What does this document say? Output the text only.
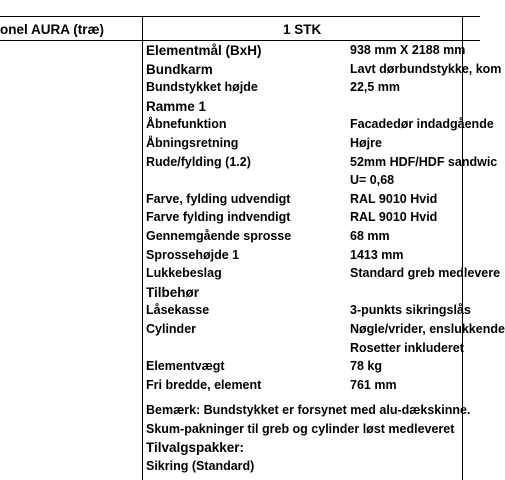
onel AURA (træ)	1 STK
Elementmål (BxH)	938 mm X 2188 mm
Bundkarm	Lavt dørbundstykke, kom
Bundstykket højde	22,5 mm
Ramme 1
Åbnefunktion	Facadedør indadgående
Åbningsretning	Højre
Rude/fylding (1.2)	52mm HDF/HDF sandwic
U= 0,68
Farve, fylding udvendigt	RAL 9010 Hvid
Farve fylding indvendigt	RAL 9010 Hvid
Gennemgående sprosse	68 mm
Sprossehøjde 1	1413 mm
Lukkebeslag	Standard greb medlevere
Tilbehør
Låsekasse	3-punkts sikringslås
Cylinder	Nøgle/vrider, enslukkende
Rosetter inkluderet
Elementvægt	78 kg
Fri bredde, element	761 mm
Bemærk: Bundstykket er forsynet med alu-dækskinne.
Skum-pakninger til greb og cylinder løst medleveret
Tilvalgspakker:
Sikring (Standard)
